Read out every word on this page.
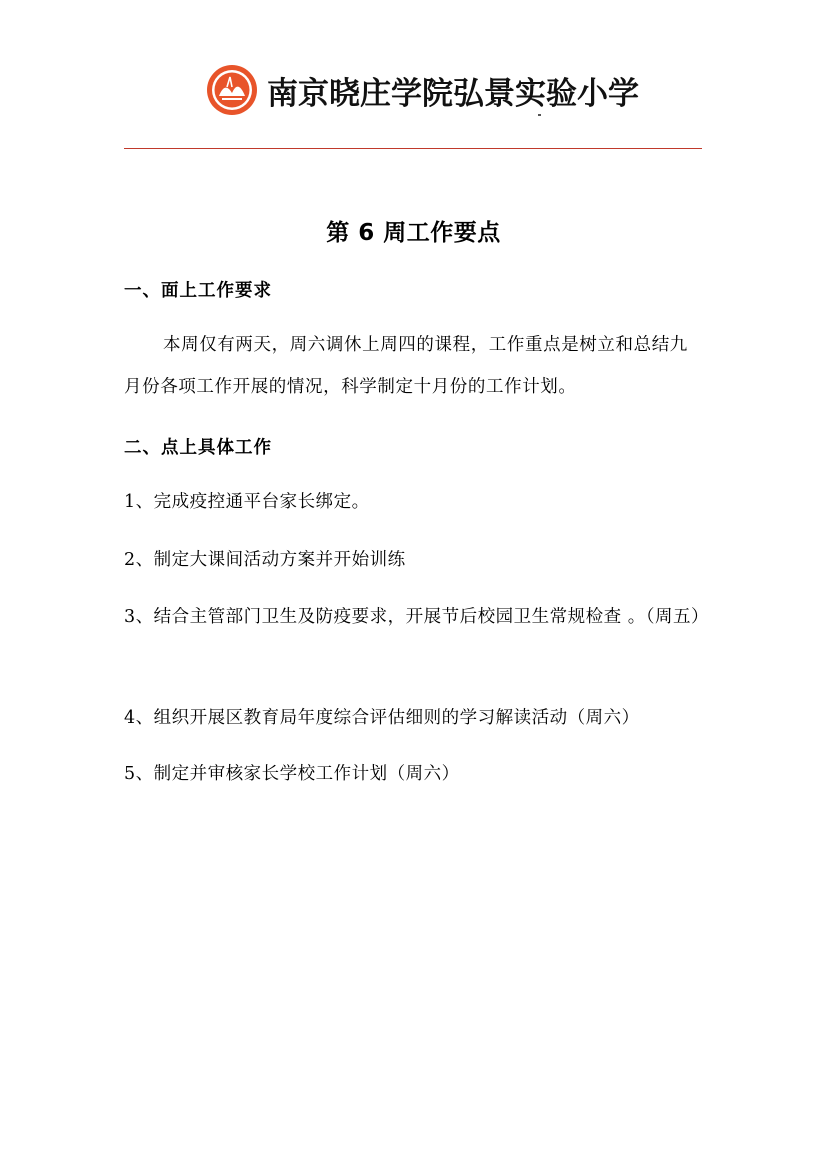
南京晓庄学院弘景实验小学
第 6 周工作要点
一、面上工作要求
本周仅有两天，周六调休上周四的课程，工作重点是树立和总结九月份各项工作开展的情况，科学制定十月份的工作计划。
二、点上具体工作
1、完成疫控通平台家长绑定。
2、制定大课间活动方案并开始训练
3、结合主管部门卫生及防疫要求，开展节后校园卫生常规检查 。（周五）
4、组织开展区教育局年度综合评估细则的学习解读活动（周六）
5、制定并审核家长学校工作计划（周六）
